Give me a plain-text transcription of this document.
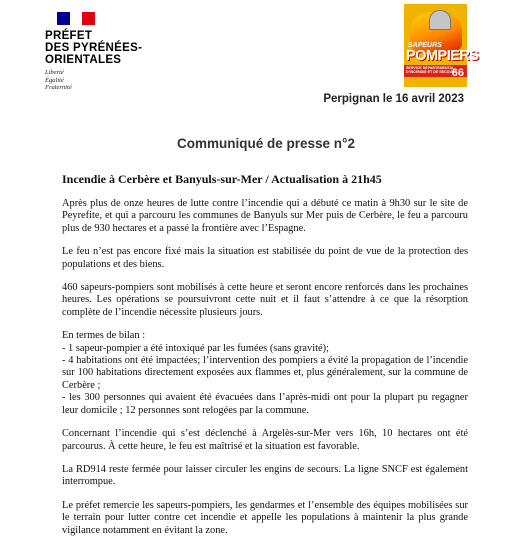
PRÉFET
DES PYRÉNÉES-
ORIENTALES
Liberté
Égalité
Fraternité
SAPEURS
POMPIERS
SERVICE DÉPARTEMENTAL
D'INCENDIE ET DE SECOURS
66
Perpignan le 16 avril 2023
Communiqué de presse n°2
Incendie à Cerbère et Banyuls-sur-Mer / Actualisation à 21h45

Après plus de onze heures de lutte contre l’incendie qui a débuté ce matin à 9h30 sur le site de Peyrefite, et qui a parcouru les communes de Banyuls sur Mer puis de Cerbère, le feu a parcouru plus de 930 hectares et a passé la frontière avec l’Espagne.

Le feu n’est pas encore fixé mais la situation est stabilisée du point de vue de la protection des populations et des biens.

460 sapeurs-pompiers sont mobilisés à cette heure et seront encore renforcés dans les prochaines heures. Les opérations se poursuivront cette nuit et il faut s’attendre à ce que la résorption complète de l’incendie nécessite plusieurs jours.

En termes de bilan :
- 1 sapeur-pompier a été intoxiqué par les fumées (sans gravité);
- 4 habitations ont été impactées; l’intervention des pompiers a évité la propagation de l’incendie sur 100 habitations directement exposées aux flammes et, plus généralement, sur la commune de Cerbère ;
- les 300 personnes qui avaient été évacuées dans l’après-midi ont pour la plupart pu regagner leur domicile ; 12 personnes sont relogées par la commune.

Concernant l’incendie qui s’est déclenché à Argelès-sur-Mer vers 16h, 10 hectares ont été parcourus. À cette heure, le feu est maîtrisé et la situation est favorable.

La RD914 reste fermée pour laisser circuler les engins de secours. La ligne SNCF est également interrompue.

Le préfet remercie les sapeurs-pompiers, les gendarmes et l’ensemble des équipes mobilisées sur le terrain pour lutter contre cet incendie et appelle les populations à maintenir la plus grande vigilance notamment en évitant la zone.
